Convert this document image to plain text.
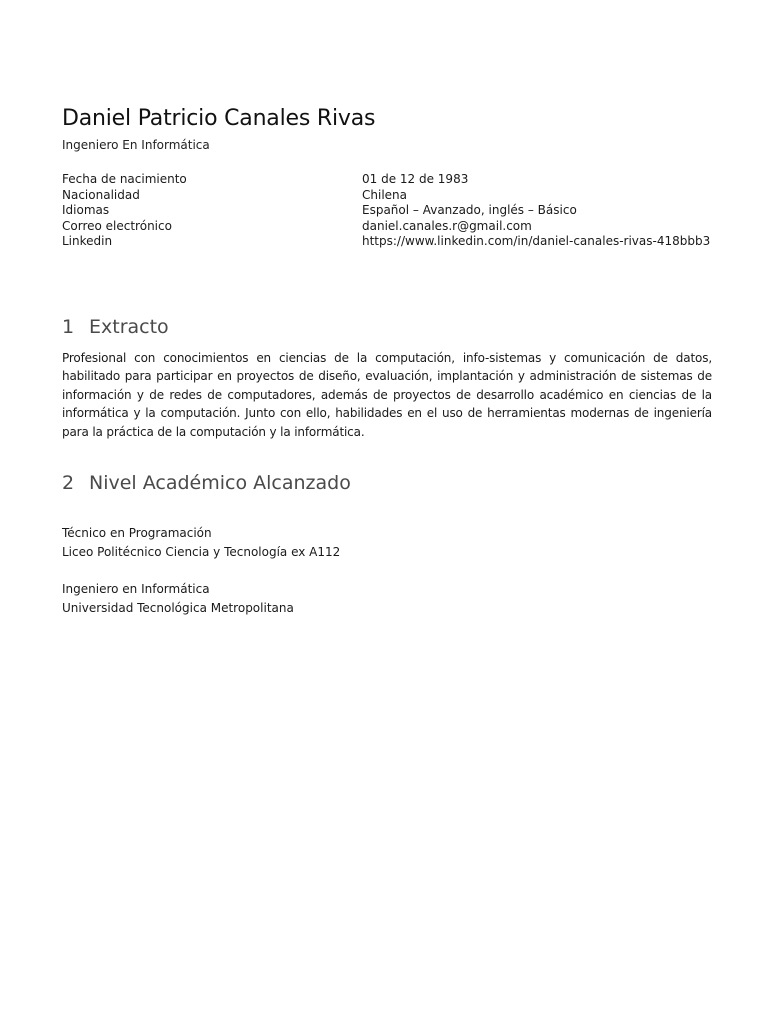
Daniel Patricio Canales Rivas
Ingeniero En Informática
Fecha de nacimiento	01 de 12 de 1983
Nacionalidad	Chilena
Idiomas	Español – Avanzado, inglés – Básico
Correo electrónico	daniel.canales.r@gmail.com
Linkedin	https://www.linkedin.com/in/daniel-canales-rivas-418bbb3
1 Extracto
Profesional con conocimientos en ciencias de la computación, info-sistemas y comunicación de datos, habilitado para participar en proyectos de diseño, evaluación, implantación y administración de sistemas de información y de redes de computadores, además de proyectos de desarrollo académico en ciencias de la informática y la computación. Junto con ello, habilidades en el uso de herramientas modernas de ingeniería para la práctica de la computación y la informática.
2 Nivel Académico Alcanzado
Técnico en Programación
Liceo Politécnico Ciencia y Tecnología ex A112
Ingeniero en Informática
Universidad Tecnológica Metropolitana
